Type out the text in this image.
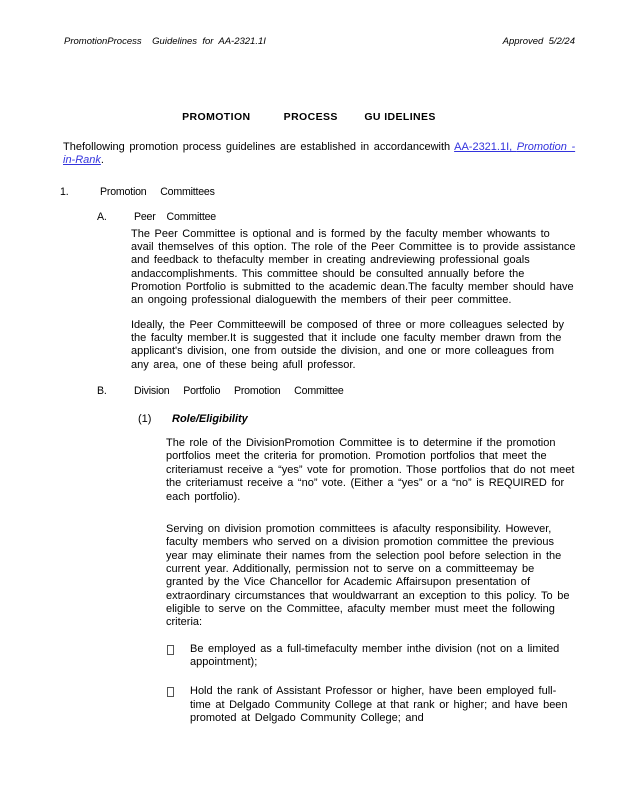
PromotionProcess    Guidelines  for  AA-2321.1I	Approved  5/2/24
PROMOTION          PROCESS        GU IDELINES

Thefollowing promotion process guidelines are established in accordancewith AA-2321.1I, Promotion -in-Rank.

1.	Promotion     Committees
A.	Peer    Committee

The Peer Committee is optional and is formed by the faculty member whowants to avail themselves of this option. The role of the Peer Committee is to provide assistance and feedback to thefaculty member in creating andreviewing professional goals andaccomplishments. This committee should be consulted annually before the Promotion Portfolio is submitted to the academic dean.The faculty member should have an ongoing professional dialoguewith the members of their peer committee.

Ideally, the Peer Committeewill be composed of three or more colleagues selected by the faculty member.It is suggested that it include one faculty member drawn from the applicant's division, one from outside the division, and one or more colleagues from any area, one of these being afull professor.

B.	Division     Portfolio     Promotion     Committee
(1)	Role/Eligibility

The role of the DivisionPromotion Committee is to determine if the promotion portfolios meet the criteria for promotion. Promotion portfolios that meet the criteriamust receive a “yes” vote for promotion. Those portfolios that do not meet the criteriamust receive a “no” vote. (Either a “yes” or a “no” is REQUIRED for each portfolio).

Serving on division promotion committees is afaculty responsibility. However, faculty members who served on a division promotion committee the previous year may eliminate their names from the selection pool before selection in the current year. Additionally, permission not to serve on a committeemay be granted by the Vice Chancellor for Academic Affairsupon presentation of extraordinary circumstances that wouldwarrant an exception to this policy. To be eligible to serve on the Committee, afaculty member must meet the following criteria:

Be employed as a full-timefaculty member inthe division (not on a limited appointment);
Hold the rank of Assistant Professor or higher, have been employed full-time at Delgado Community College at that rank or higher; and have been promoted at Delgado Community College; and
